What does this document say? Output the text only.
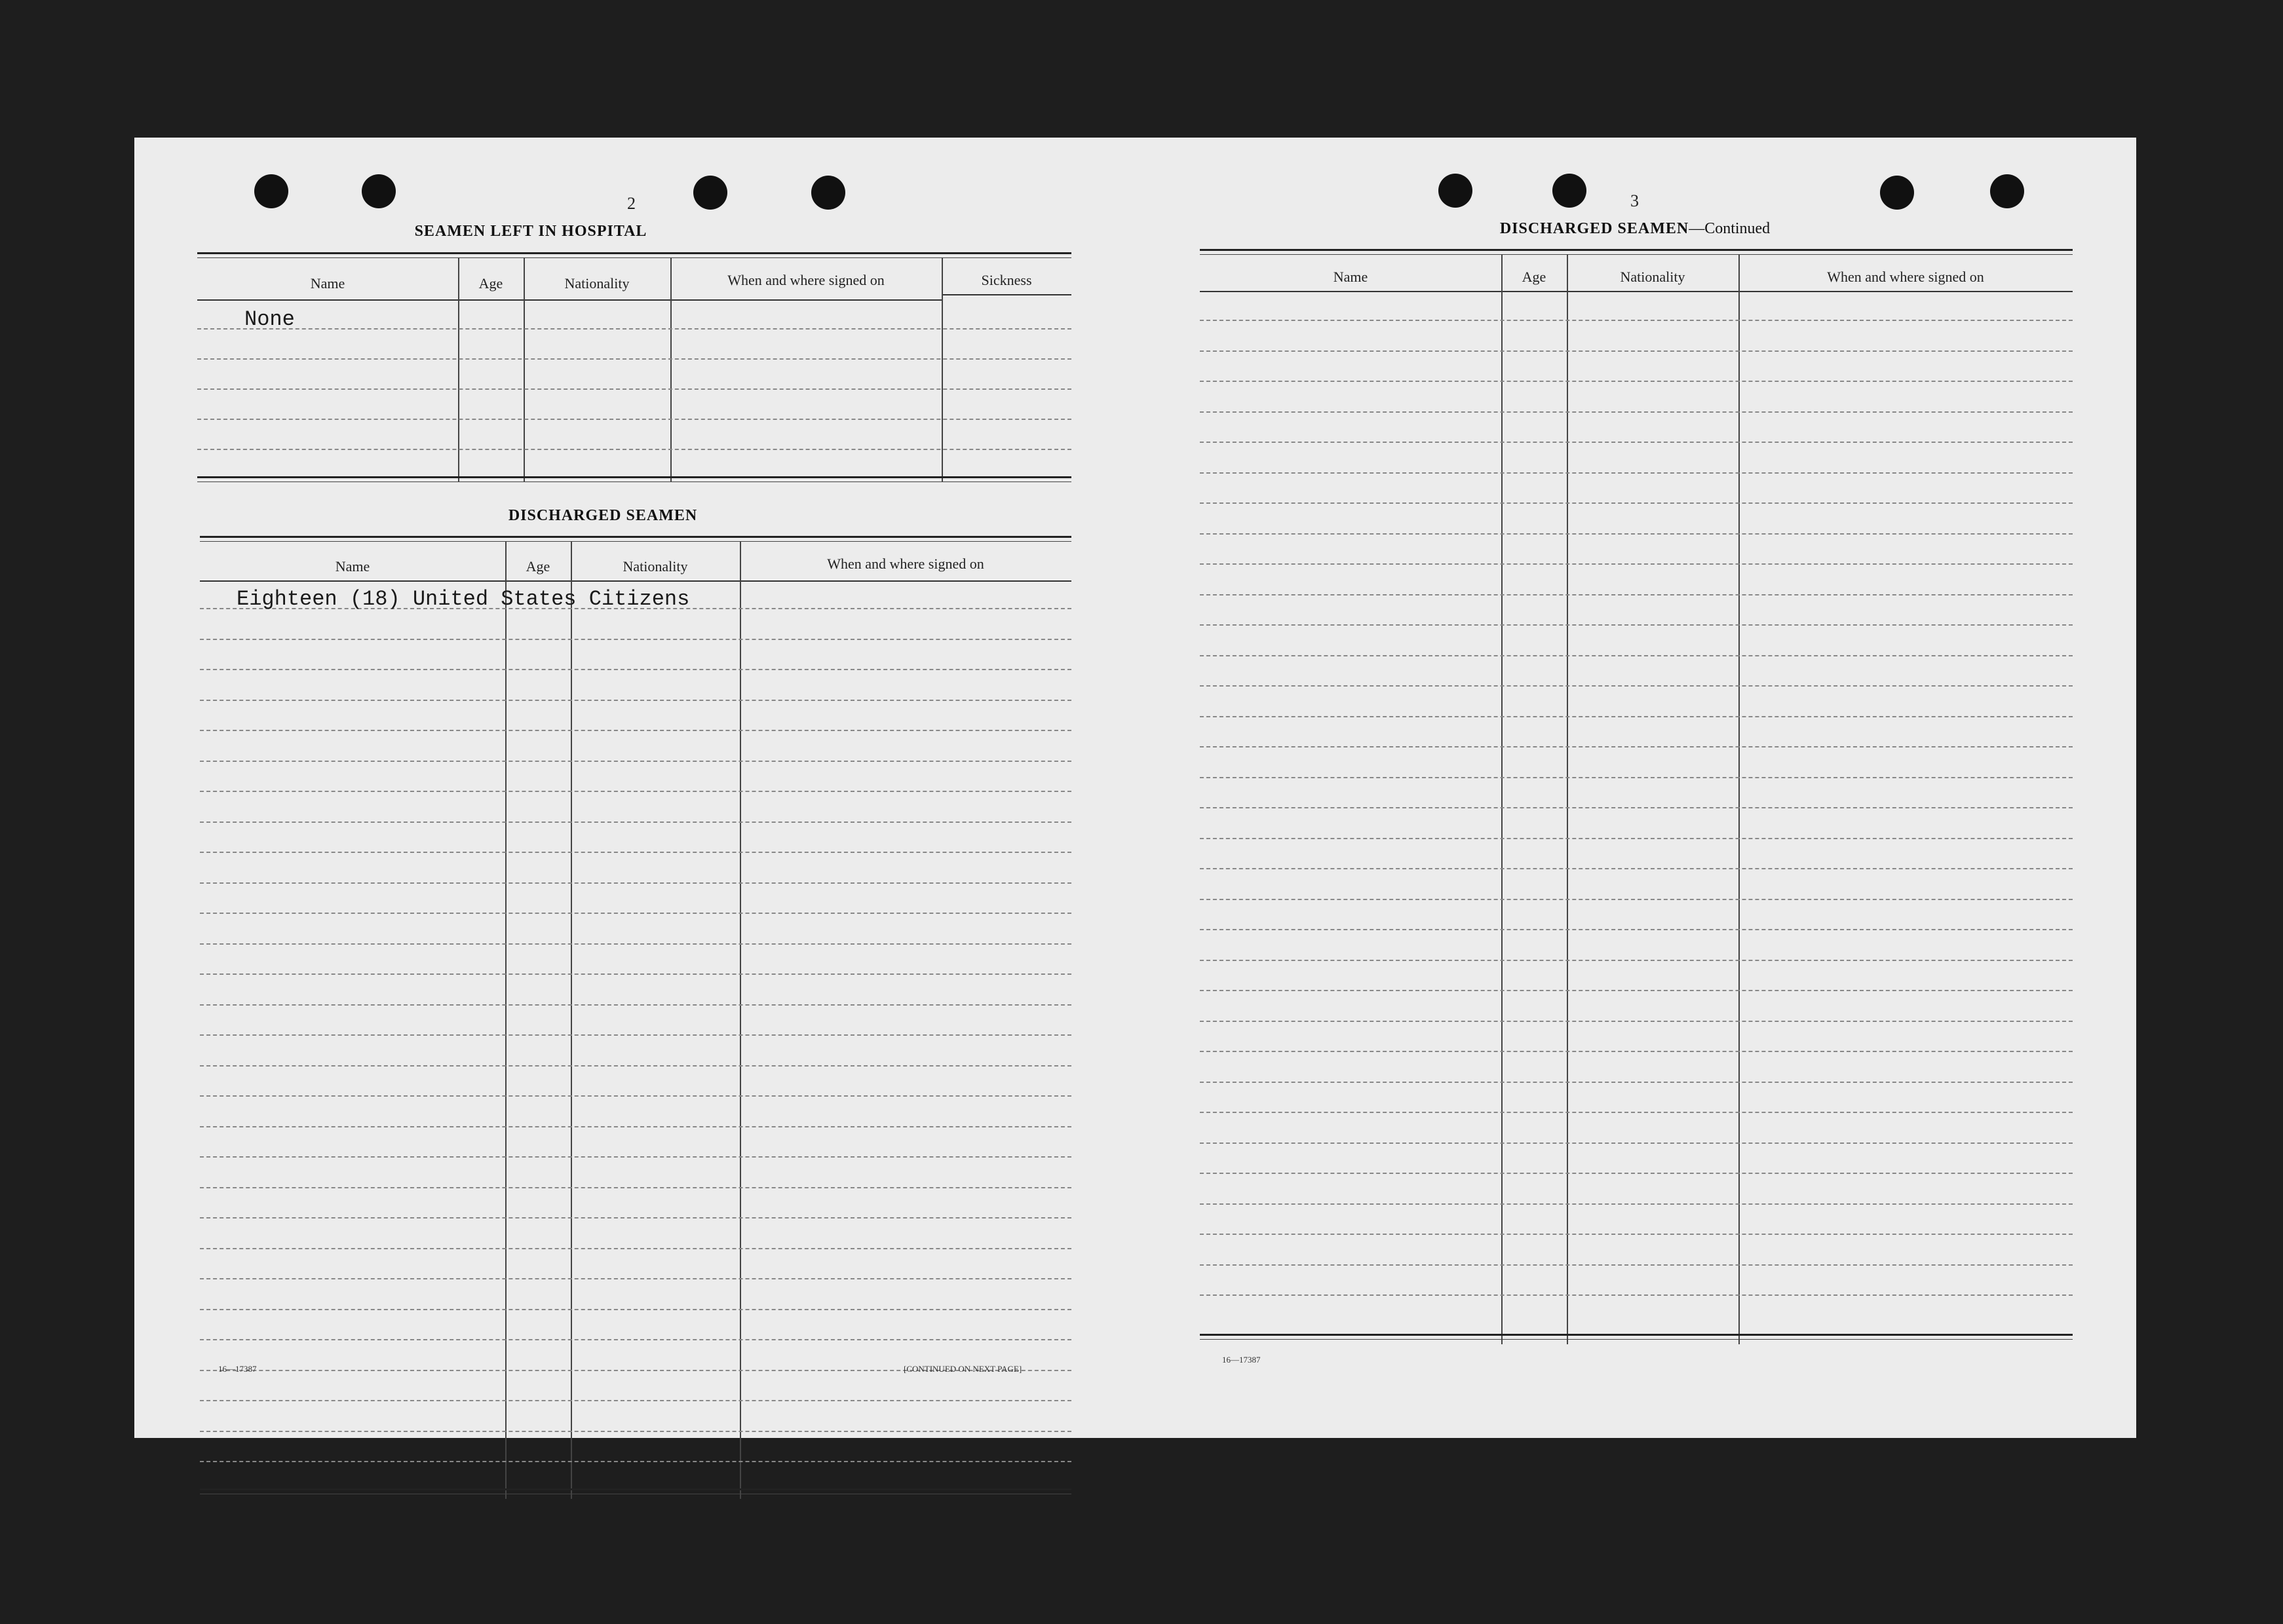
2
SEAMEN LEFT IN HOSPITAL
Name	Age	Nationality	When and where signed on	Sickness
None
DISCHARGED SEAMEN
Name	Age	Nationality	When and where signed on
Eighteen (18) United States Citizens
16—17387	[CONTINUED ON NEXT PAGE]
3
DISCHARGED SEAMEN—Continued
Name	Age	Nationality	When and where signed on
16—17387
